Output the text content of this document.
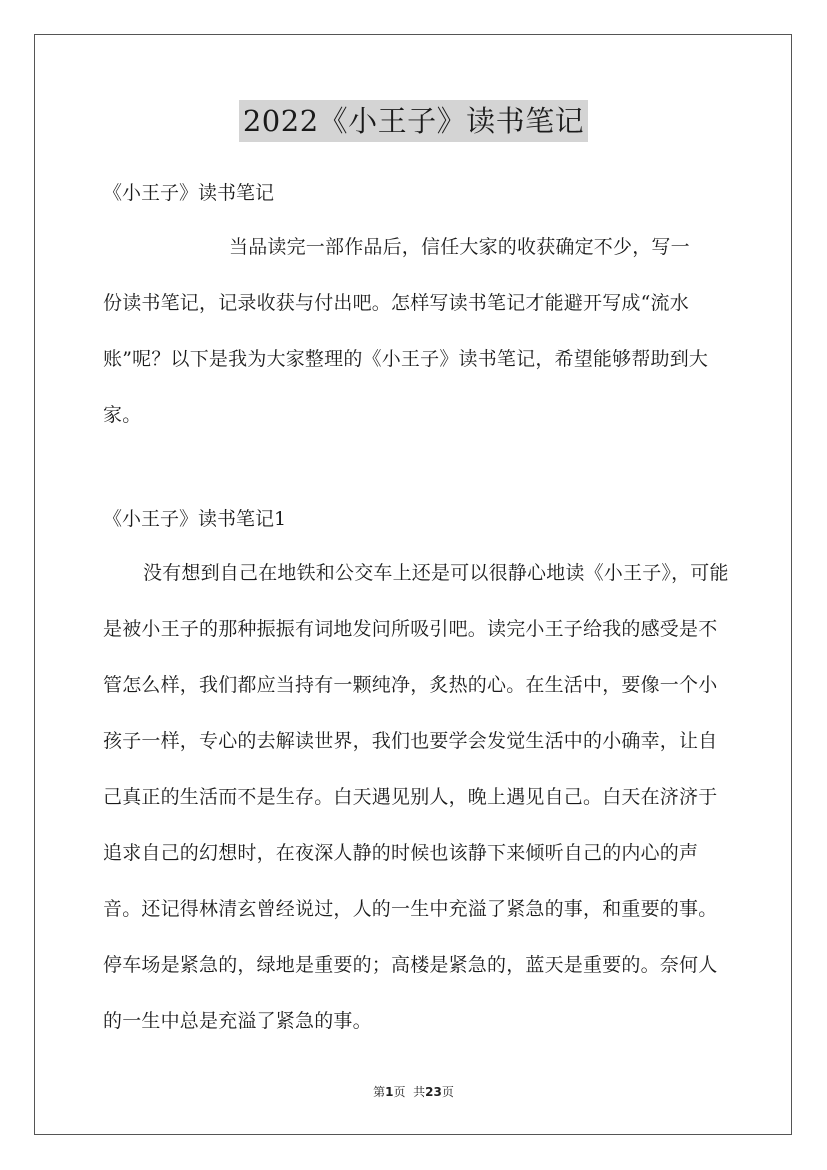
2022《小王子》读书笔记

《小王子》读书笔记

当品读完一部作品后，信任大家的收获确定不少，写一

份读书笔记，记录收获与付出吧。怎样写读书笔记才能避开写成“流水账”呢？以下是我为大家整理的《小王子》读书笔记，希望能够帮助到大家。

《小王子》读书笔记1

没有想到自己在地铁和公交车上还是可以很静心地读《小王子》，可能是被小王子的那种振振有词地发问所吸引吧。读完小王子给我的感受是不管怎么样，我们都应当持有一颗纯净，炙热的心。在生活中，要像一个小孩子一样，专心的去解读世界，我们也要学会发觉生活中的小确幸，让自己真正的生活而不是生存。白天遇见别人，晚上遇见自己。白天在济济于追求自己的幻想时，在夜深人静的时候也该静下来倾听自己的内心的声音。还记得林清玄曾经说过，人的一生中充溢了紧急的事，和重要的事。停车场是紧急的，绿地是重要的；高楼是紧急的，蓝天是重要的。奈何人的一生中总是充溢了紧急的事。

第1页  共23页
